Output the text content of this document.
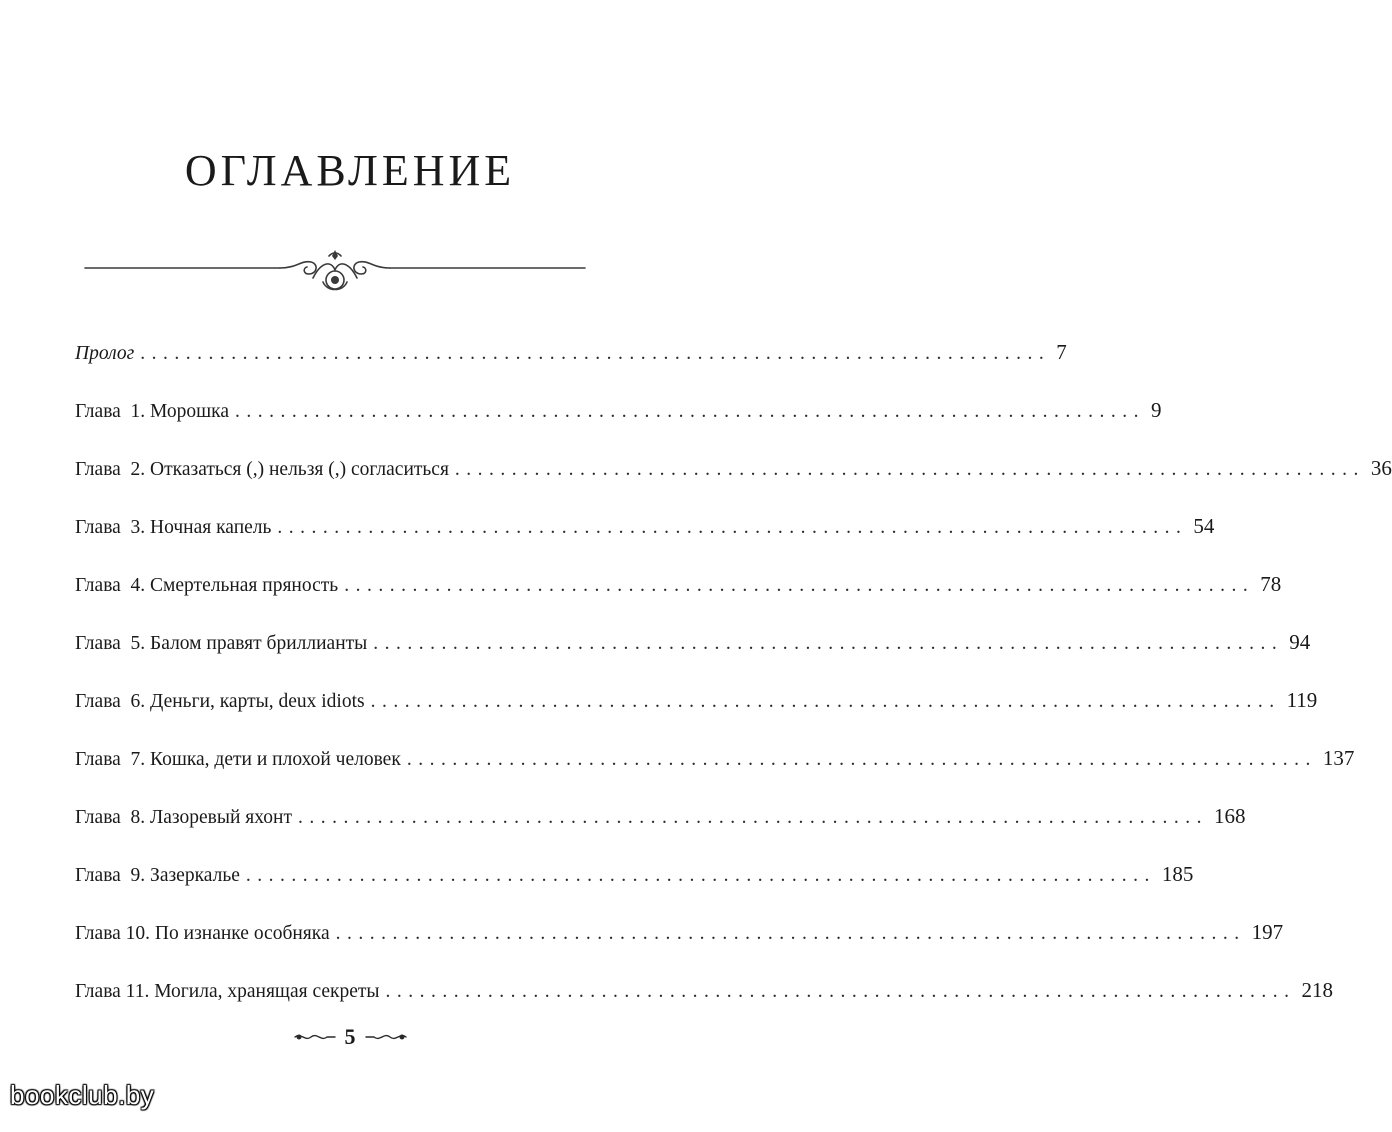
ОГЛАВЛЕНИЕ
Пролог ................................................................................ 7
Глава  1. Морошка ................................................................................ 9
Глава  2. Отказаться (,) нельзя (,) согласиться ................................................................................ 36
Глава  3. Ночная капель ................................................................................ 54
Глава  4. Смертельная пряность ................................................................................ 78
Глава  5. Балом правят бриллианты ................................................................................ 94
Глава  6. Деньги, карты, deux idiots ................................................................................ 119
Глава  7. Кошка, дети и плохой человек ................................................................................ 137
Глава  8. Лазоревый яхонт ................................................................................ 168
Глава  9. Зазеркалье ................................................................................ 185
Глава 10. По изнанке особняка ................................................................................ 197
Глава 11. Могила, хранящая секреты ................................................................................ 218
5
bookclub.by
